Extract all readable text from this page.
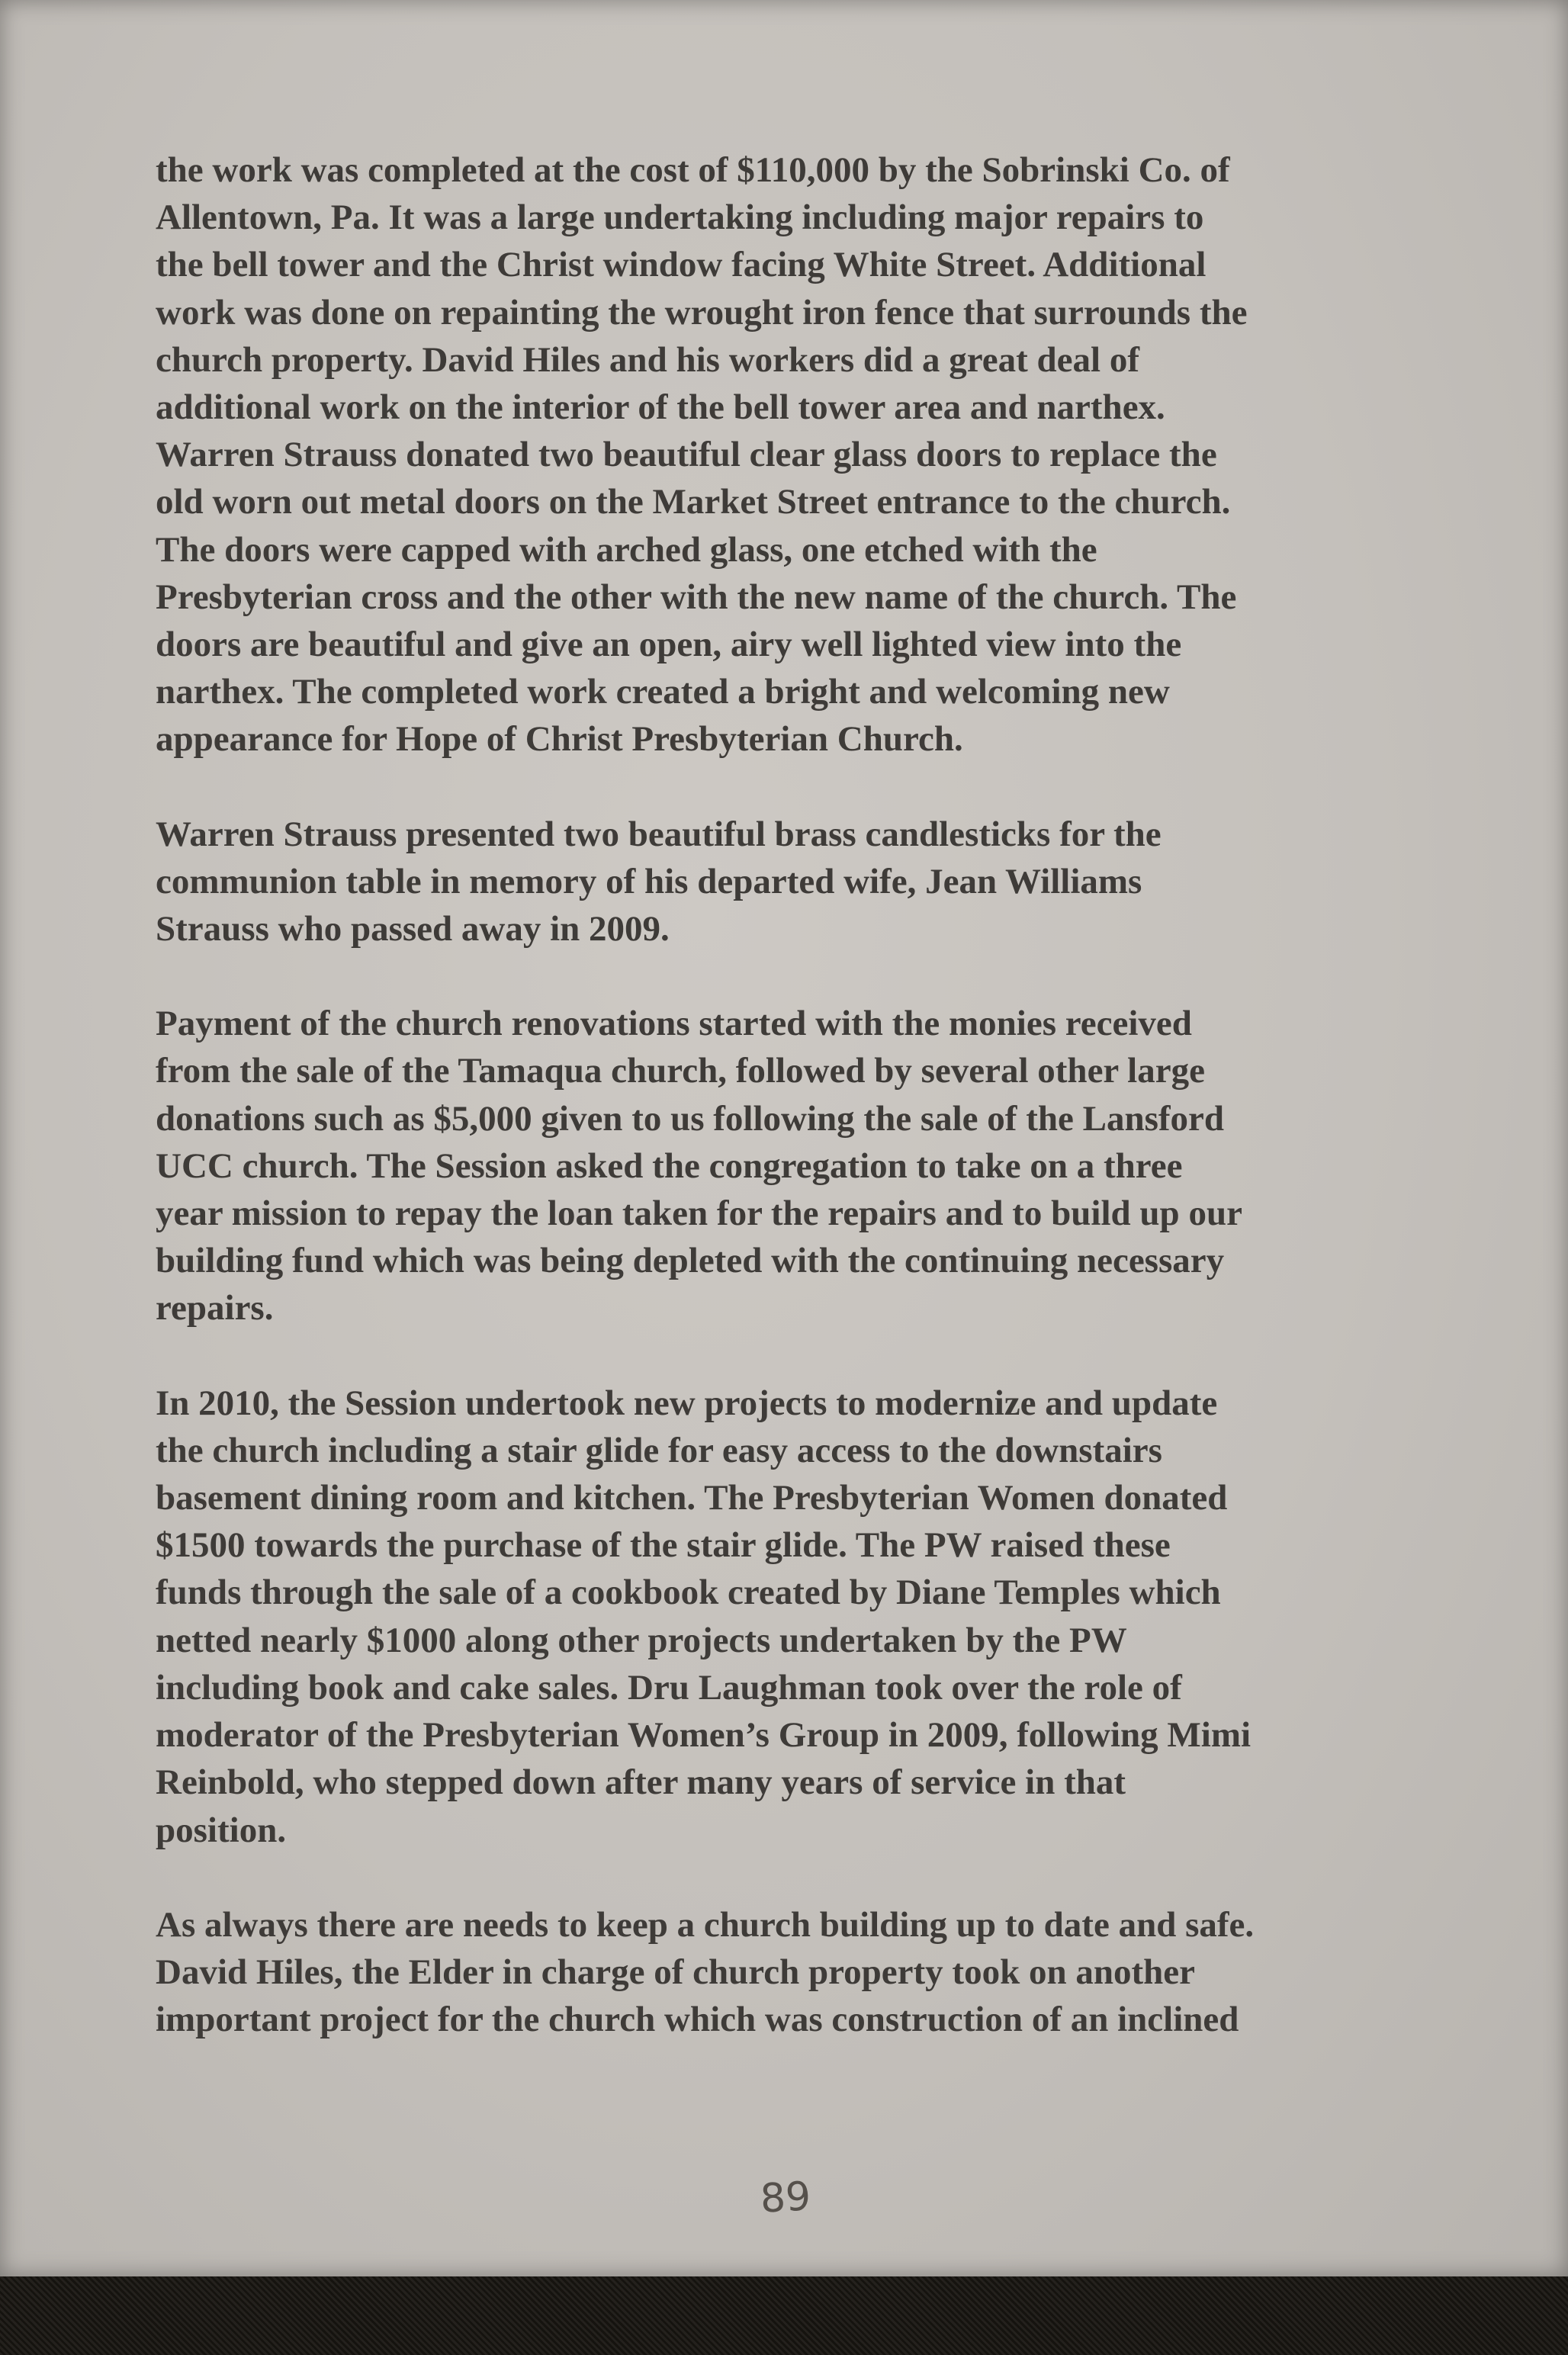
the work was completed at the cost of $110,000 by the Sobrinski Co. of
Allentown, Pa. It was a large undertaking including major repairs to
the bell tower and the Christ window facing White Street. Additional
work was done on repainting the wrought iron fence that surrounds the
church property. David Hiles and his workers did a great deal of
additional work on the interior of the bell tower area and narthex.
Warren Strauss donated two beautiful clear glass doors to replace the
old worn out metal doors on the Market Street entrance to the church.
The doors were capped with arched glass, one etched with the
Presbyterian cross and the other with the new name of the church. The
doors are beautiful and give an open, airy well lighted view into the
narthex. The completed work created a bright and welcoming new
appearance for Hope of Christ Presbyterian Church.

Warren Strauss presented two beautiful brass candlesticks for the
communion table in memory of his departed wife, Jean Williams
Strauss who passed away in 2009.

Payment of the church renovations started with the monies received
from the sale of the Tamaqua church, followed by several other large
donations such as $5,000 given to us following the sale of the Lansford
UCC church. The Session asked the congregation to take on a three
year mission to repay the loan taken for the repairs and to build up our
building fund which was being depleted with the continuing necessary
repairs.

In 2010, the Session undertook new projects to modernize and update
the church including a stair glide for easy access to the downstairs
basement dining room and kitchen. The Presbyterian Women donated
$1500 towards the purchase of the stair glide. The PW raised these
funds through the sale of a cookbook created by Diane Temples which
netted nearly $1000 along other projects undertaken by the PW
including book and cake sales. Dru Laughman took over the role of
moderator of the Presbyterian Women’s Group in 2009, following Mimi
Reinbold, who stepped down after many years of service in that
position.

As always there are needs to keep a church building up to date and safe.
David Hiles, the Elder in charge of church property took on another
important project for the church which was construction of an inclined

89
